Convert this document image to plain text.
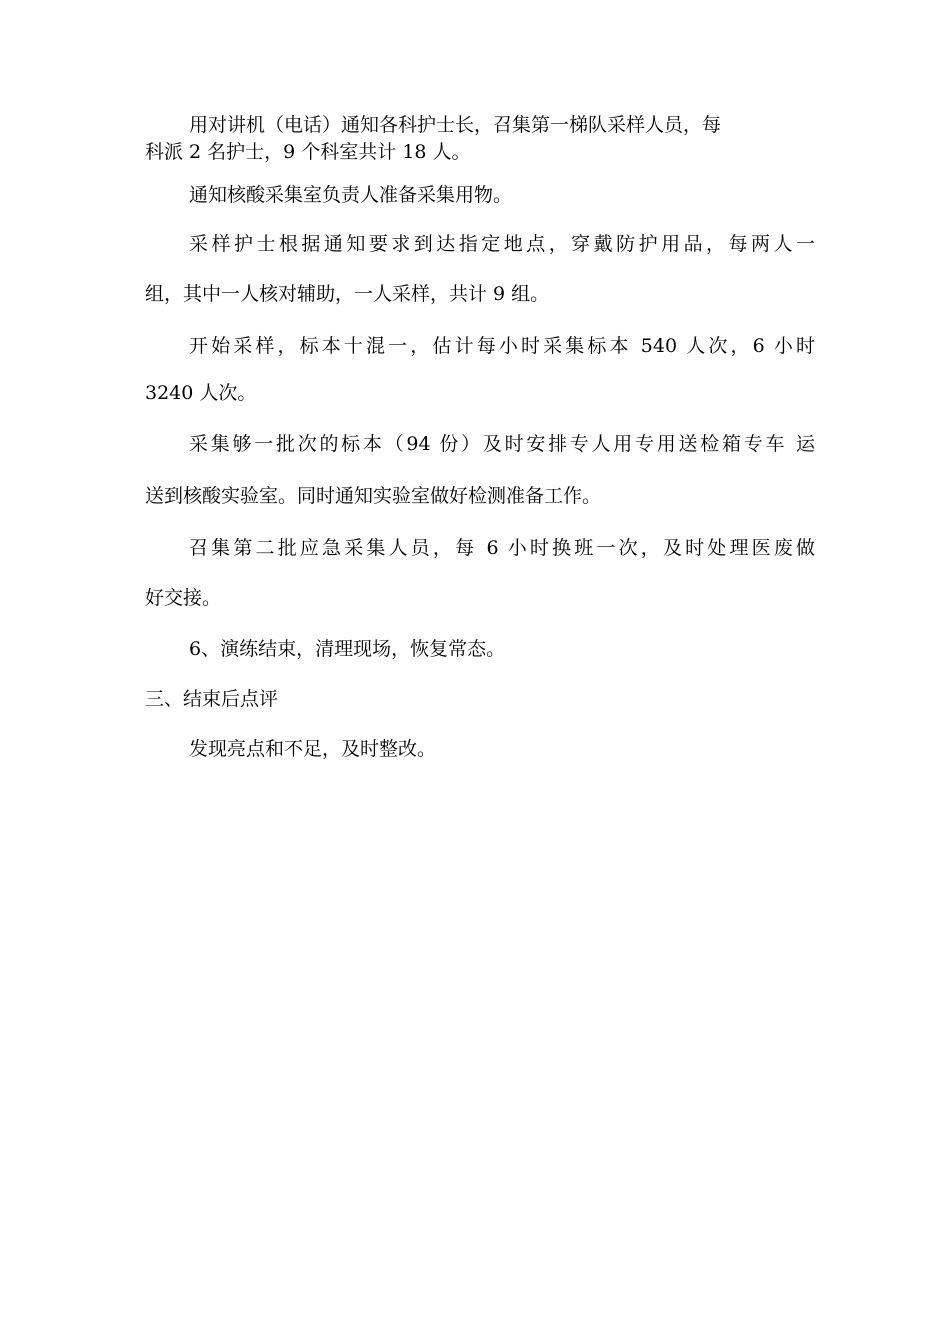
用对讲机（电话）通知各科护士长，召集第一梯队采样人员，每

科派 2 名护士，9 个科室共计 18 人。

通知核酸采集室负责人准备采集用物。

采样护士根据通知要求到达指定地点，穿戴防护用品，每两人一

组，其中一人核对辅助，一人采样，共计 9 组。

开始采样，标本十混一，估计每小时采集标本 540 人次，6 小时

3240 人次。

采集够一批次的标本（94 份）及时安排专人用专用送检箱专车 运

送到核酸实验室。同时通知实验室做好检测准备工作。

召集第二批应急采集人员，每 6 小时换班一次，及时处理医废做

好交接。

6、演练结束，清理现场，恢复常态。

三、结束后点评

发现亮点和不足，及时整改。
